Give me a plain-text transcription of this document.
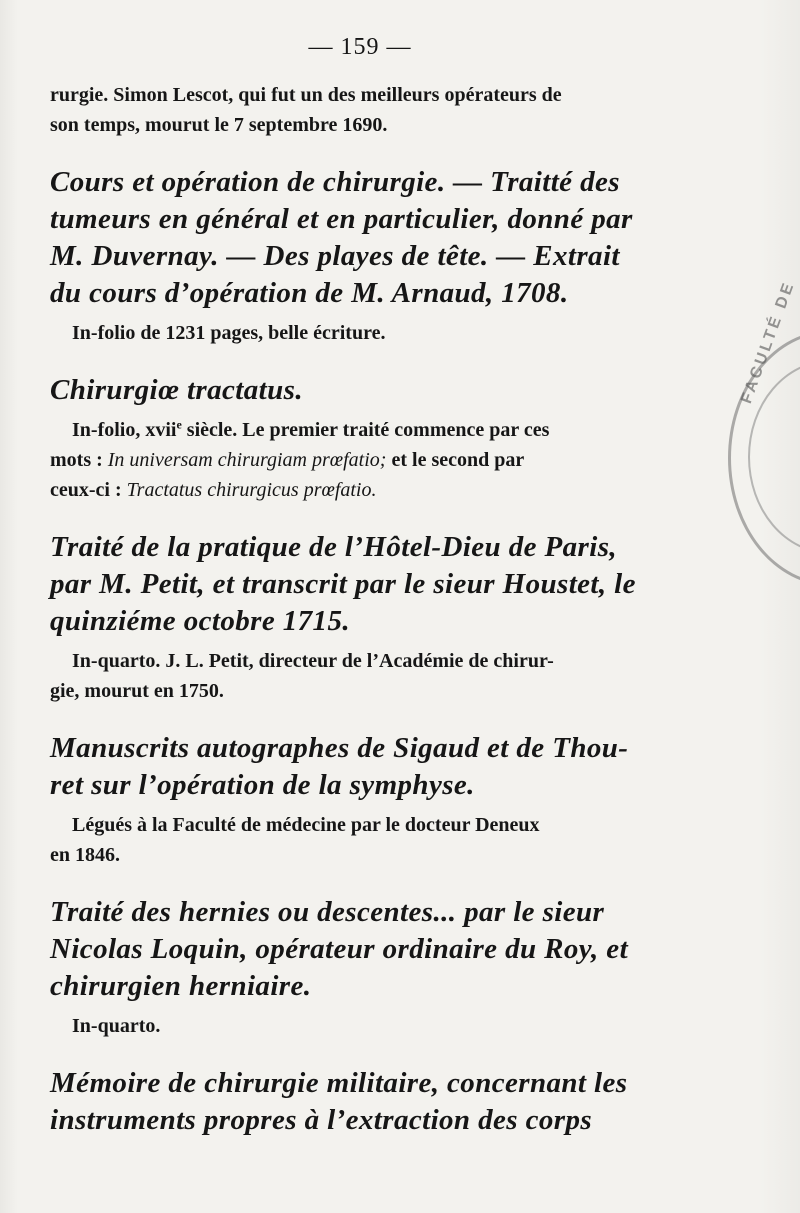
— 159 —
FACULTÉ DE

rurgie. Simon Lescot, qui fut un des meilleurs opérateurs de

son temps, mourut le 7 septembre 1690.

Cours et opération de chirurgie. — Traitté des

tumeurs en général et en particulier, donné par

M. Duvernay. — Des playes de tête. — Extrait

du cours d’opération de M. Arnaud, 1708.

In-folio de 1231 pages, belle écriture.

Chirurgiœ tractatus.

In-folio, xvii$^e$ siècle. Le premier traité commence par ces

mots : In universam chirurgiam prœfatio; et le second par

ceux-ci : Tractatus chirurgicus prœfatio.

Traité de la pratique de l’Hôtel-Dieu de Paris,

par M. Petit, et transcrit par le sieur Houstet, le

quinziéme octobre 1715.

In-quarto. J. L. Petit, directeur de l’Académie de chirur-

gie, mourut en 1750.

Manuscrits autographes de Sigaud et de Thou-

ret sur l’opération de la symphyse.

Légués à la Faculté de médecine par le docteur Deneux

en 1846.

Traité des hernies ou descentes... par le sieur

Nicolas Loquin, opérateur ordinaire du Roy, et

chirurgien herniaire.

In-quarto.

Mémoire de chirurgie militaire, concernant les

instruments propres à l’extraction des corps
